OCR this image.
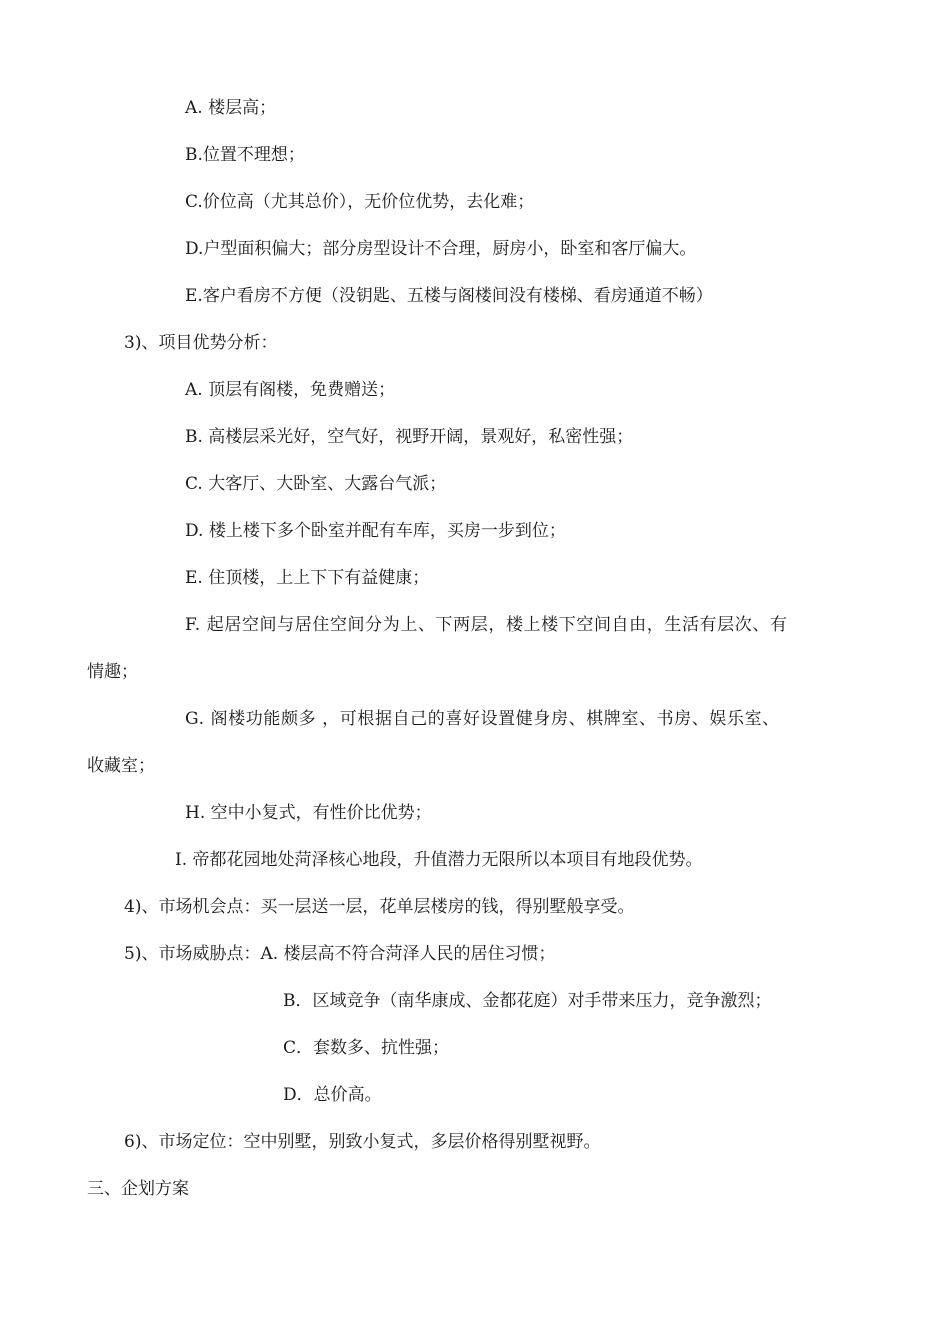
A. 楼层高；
B.位置不理想；
C.价位高（尤其总价），无价位优势，去化难；
D.户型面积偏大；部分房型设计不合理，厨房小，卧室和客厅偏大。
E.客户看房不方便（没钥匙、五楼与阁楼间没有楼梯、看房通道不畅）
3)、项目优势分析：
A. 顶层有阁楼，免费赠送；
B. 高楼层采光好，空气好，视野开阔，景观好，私密性强；
C. 大客厅、大卧室、大露台气派；
D. 楼上楼下多个卧室并配有车库，买房一步到位；
E. 住顶楼，上上下下有益健康；
F. 起居空间与居住空间分为上、下两层，楼上楼下空间自由，生活有层次、有
情趣；
G. 阁楼功能颇多 ，可根据自己的喜好设置健身房、棋牌室、书房、娱乐室、
收藏室；
H. 空中小复式，有性价比优势；
I. 帝都花园地处菏泽核心地段，升值潜力无限所以本项目有地段优势。
4)、市场机会点：买一层送一层，花单层楼房的钱，得别墅般享受。
5)、市场威胁点：A. 楼层高不符合菏泽人民的居住习惯；
B．区域竞争（南华康成、金都花庭）对手带来压力，竞争激烈；
C．套数多、抗性强；
D．总价高。
6)、市场定位：空中别墅，别致小复式，多层价格得别墅视野。
三、企划方案
